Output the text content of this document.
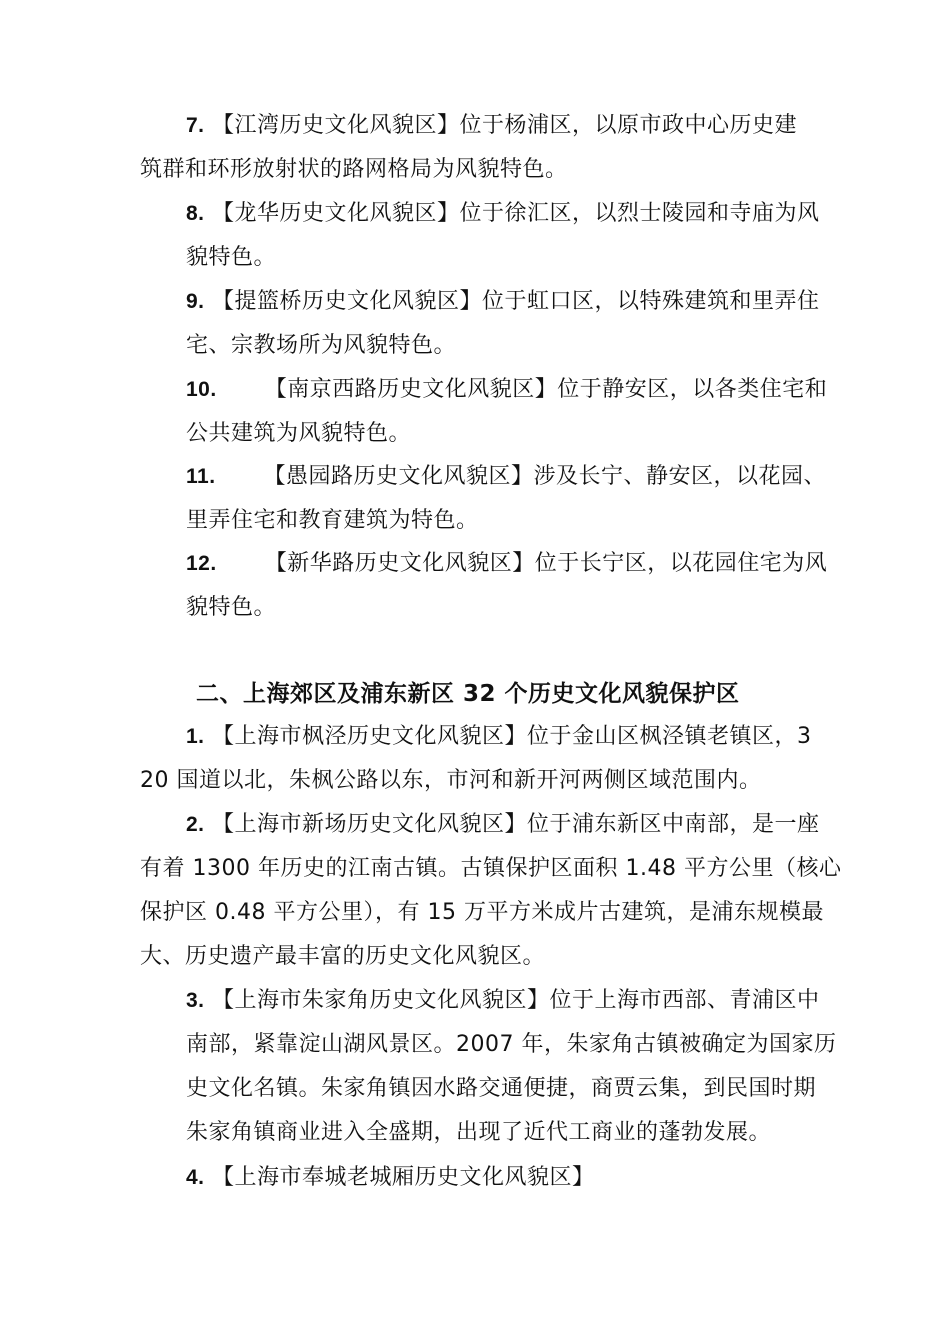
7. 【江湾历史文化风貌区】位于杨浦区，以原市政中心历史建
筑群和环形放射状的路网格局为风貌特色。
8. 【龙华历史文化风貌区】位于徐汇区，以烈士陵园和寺庙为风
貌特色。
9. 【提篮桥历史文化风貌区】位于虹口区，以特殊建筑和里弄住
宅、宗教场所为风貌特色。
10. 【南京西路历史文化风貌区】位于静安区，以各类住宅和
公共建筑为风貌特色。
11. 【愚园路历史文化风貌区】涉及长宁、静安区，以花园、
里弄住宅和教育建筑为特色。
12. 【新华路历史文化风貌区】位于长宁区，以花园住宅为风
貌特色。
二、上海郊区及浦东新区 32 个历史文化风貌保护区
1. 【上海市枫泾历史文化风貌区】位于金山区枫泾镇老镇区，3
20 国道以北，朱枫公路以东，市河和新开河两侧区域范围内。
2. 【上海市新场历史文化风貌区】位于浦东新区中南部，是一座
有着 1300 年历史的江南古镇。古镇保护区面积 1.48 平方公里（核心
保护区 0.48 平方公里），有 15 万平方米成片古建筑，是浦东规模最
大、历史遗产最丰富的历史文化风貌区。
3. 【上海市朱家角历史文化风貌区】位于上海市西部、青浦区中
南部，紧靠淀山湖风景区。2007 年，朱家角古镇被确定为国家历
史文化名镇。朱家角镇因水路交通便捷，商贾云集，到民国时期
朱家角镇商业进入全盛期，出现了近代工商业的蓬勃发展。
4. 【上海市奉城老城厢历史文化风貌区】
